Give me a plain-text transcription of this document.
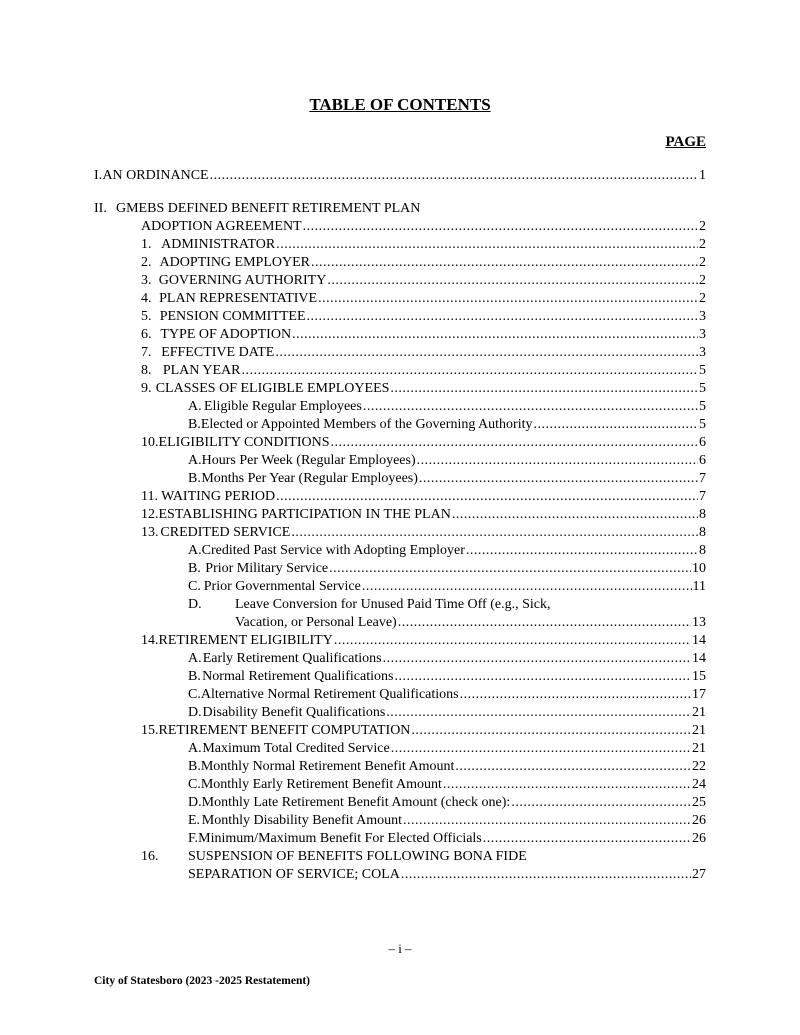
TABLE OF CONTENTS
PAGE
I. AN ORDINANCE .....	1
II. GMEBS DEFINED BENEFIT RETIREMENT PLAN
ADOPTION AGREEMENT .....	2
1. ADMINISTRATOR .....	2
2. ADOPTING EMPLOYER .....	2
3. GOVERNING AUTHORITY .....	2
4. PLAN REPRESENTATIVE .....	2
5. PENSION COMMITTEE .....	3
6. TYPE OF ADOPTION .....	3
7. EFFECTIVE DATE .....	3
8. PLAN YEAR .....	5
9. CLASSES OF ELIGIBLE EMPLOYEES .....	5
A. Eligible Regular Employees .....	5
B. Elected or Appointed Members of the Governing Authority .....	5
10. ELIGIBILITY CONDITIONS .....	6
A. Hours Per Week (Regular Employees) .....	6
B. Months Per Year (Regular Employees) .....	7
11. WAITING PERIOD .....	7
12. ESTABLISHING PARTICIPATION IN THE PLAN .....	8
13. CREDITED SERVICE .....	8
A. Credited Past Service with Adopting Employer .....	8
B. Prior Military Service .....	10
C. Prior Governmental Service .....	11
D. Leave Conversion for Unused Paid Time Off (e.g., Sick,
Vacation, or Personal Leave) .....	13
14. RETIREMENT ELIGIBILITY .....	14
A. Early Retirement Qualifications .....	14
B. Normal Retirement Qualifications .....	15
C. Alternative Normal Retirement Qualifications .....	17
D. Disability Benefit Qualifications .....	21
15. RETIREMENT BENEFIT COMPUTATION .....	21
A. Maximum Total Credited Service .....	21
B. Monthly Normal Retirement Benefit Amount .....	22
C. Monthly Early Retirement Benefit Amount .....	24
D. Monthly Late Retirement Benefit Amount (check one): .....	25
E. Monthly Disability Benefit Amount .....	26
F. Minimum/Maximum Benefit For Elected Officials .....	26
16. SUSPENSION OF BENEFITS FOLLOWING BONA FIDE
SEPARATION OF SERVICE; COLA .....	27
– i –
City of Statesboro (2023 -2025 Restatement)
